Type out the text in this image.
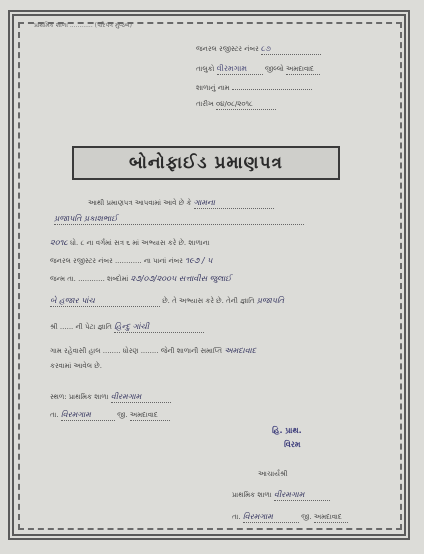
પ્રાથમિક શાળા ............ (પરિપત્ર મુજબ)
જનરલ રજીસ્ટર નંબર ૮૭
તાલુકો વીરમગામ	જીલ્લો અમદાવાદ
શાળાનું નામ
તારીખ ૦૪/૦૮/૨૦૧૮
બોનોફાઈડ પ્રમાણપત્ર
આથી પ્રમાણપત્ર આપવામાં આવે છે કે ગામના
પ્રજાપતિ પ્રકાશભાઈ
૨૦૧૮ ધો. ૮ ના વર્ગમાં સત્ર ૬ માં અભ્યાસ કરે છે. શાળાના
જનરલ રજીસ્ટર નંબર ............ ના પાનાં નંબર ૧૯૭ / ૫
જન્મ તા. ............ શબ્દોમાં ૨૭/૦૭/૨૦૦૫ સત્તાવીસ જુલાઈ
બે હજાર પાંચ	છે. તે અભ્યાસ કરે છે. તેની જ્ઞાતિ પ્રજાપતિ
શ્રી ...... ની પેટા જ્ઞાતિ હિન્દુ ગાંચી
ગામ રહેવાસી હાલ ........ ધોરણ ........ જેની શાળાની સમાપ્તિ અમદાવાદ
કરવામાં આવેલ છે.
સ્થળ: પ્રાથમિક શાળા વીરમગામ
તા. વિરમગામ	જી. અમદાવાદ
હિ. પ્રાથ.
વિરમ
આચાર્યશ્રી
પ્રાથમિક શાળા વીરમગામ
તા. વિરમગામ	જી. અમદાવાદ
